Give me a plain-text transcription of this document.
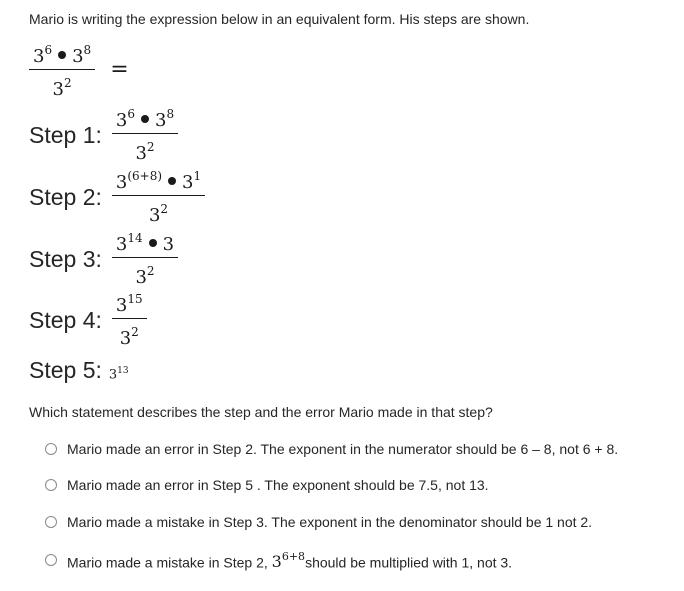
Mario is writing the expression below in an equivalent form. His steps are shown.
$\frac{3^6 3^8}{3^2}$ =
Step 1: $\frac{3^6 3^8}{3^2}$
Step 2: $\frac{3^{(6+8)} 3^1}{3^2}$
Step 3: $\frac{3^{14} 3}{3^2}$
Step 4: $\frac{3^{15}}{3^2}$
Step 5: $3^{13}$
Which statement describes the step and the error Mario made in that step?
Mario made an error in Step 2. The exponent in the numerator should be 6 – 8, not 6 + 8.
Mario made an error in Step 5 . The exponent should be 7.5, not 13.
Mario made a mistake in Step 3. The exponent in the denominator should be 1 not 2.
Mario made a mistake in Step 2, $3^{6+8}should$ be multiplied with 1, not 3.
